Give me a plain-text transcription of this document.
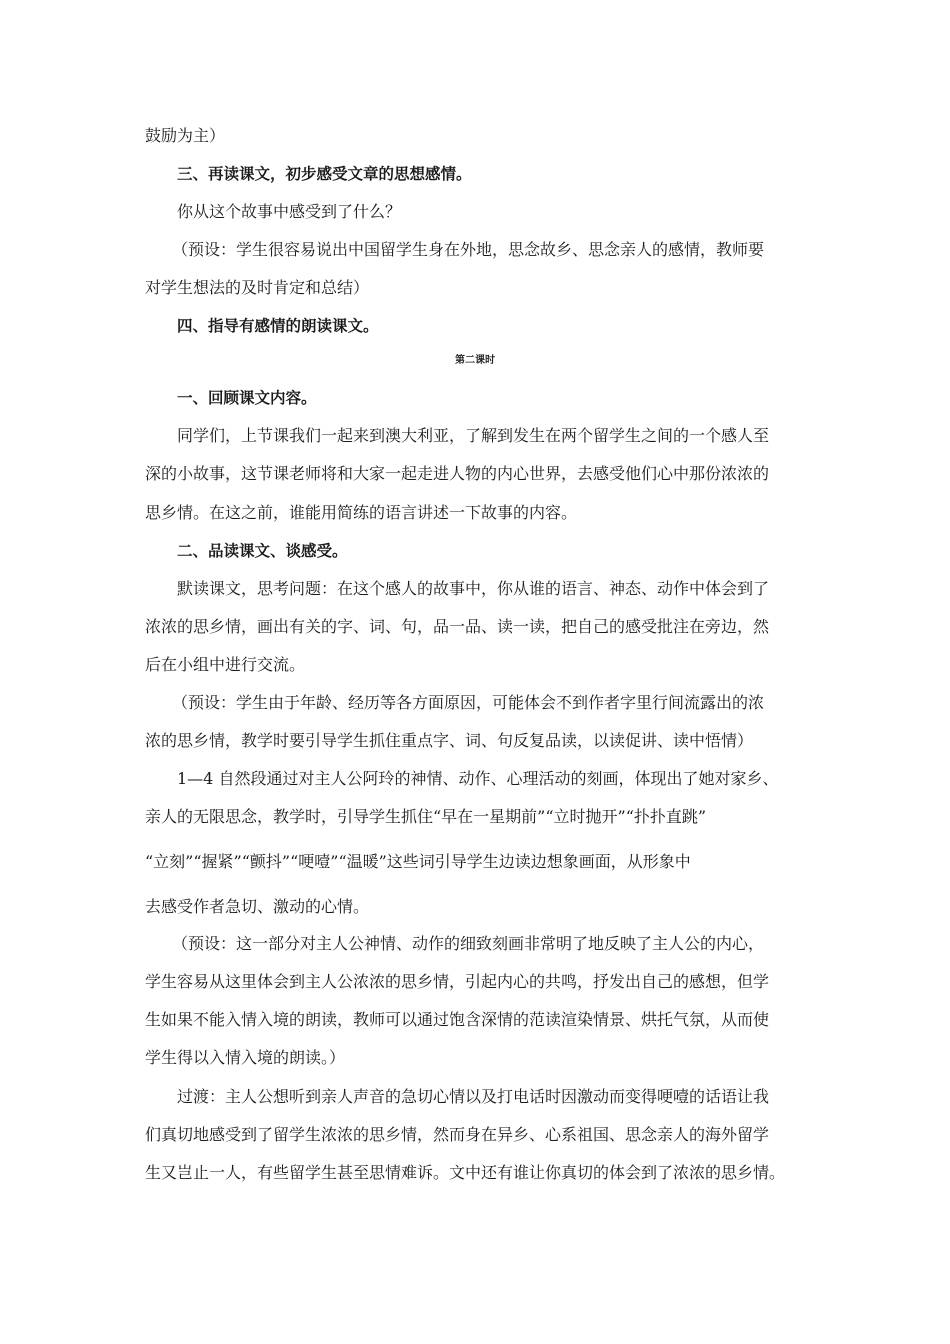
鼓励为主）
三、再读课文，初步感受文章的思想感情。
你从这个故事中感受到了什么？
（预设：学生很容易说出中国留学生身在外地，思念故乡、思念亲人的感情，教师要
对学生想法的及时肯定和总结）
四、指导有感情的朗读课文。
第二课时
一、回顾课文内容。
同学们，上节课我们一起来到澳大利亚，了解到发生在两个留学生之间的一个感人至
深的小故事，这节课老师将和大家一起走进人物的内心世界，去感受他们心中那份浓浓的
思乡情。在这之前，谁能用简练的语言讲述一下故事的内容。
二、品读课文、谈感受。
默读课文，思考问题：在这个感人的故事中，你从谁的语言、神态、动作中体会到了
浓浓的思乡情，画出有关的字、词、句，品一品、读一读，把自己的感受批注在旁边，然
后在小组中进行交流。
（预设：学生由于年龄、经历等各方面原因，可能体会不到作者字里行间流露出的浓
浓的思乡情，教学时要引导学生抓住重点字、词、句反复品读，以读促讲、读中悟情）
1—4 自然段通过对主人公阿玲的神情、动作、心理活动的刻画，体现出了她对家乡、
亲人的无限思念，教学时，引导学生抓住“早在一星期前”“立时抛开”“扑扑直跳”
“立刻”“握紧”“颤抖”“哽噎”“温暖”这些词引导学生边读边想象画面，从形象中
去感受作者急切、激动的心情。
（预设：这一部分对主人公神情、动作的细致刻画非常明了地反映了主人公的内心，
学生容易从这里体会到主人公浓浓的思乡情，引起内心的共鸣，抒发出自己的感想，但学
生如果不能入情入境的朗读，教师可以通过饱含深情的范读渲染情景、烘托气氛，从而使
学生得以入情入境的朗读。）
过渡：主人公想听到亲人声音的急切心情以及打电话时因激动而变得哽噎的话语让我
们真切地感受到了留学生浓浓的思乡情，然而身在异乡、心系祖国、思念亲人的海外留学
生又岂止一人，有些留学生甚至思情难诉。文中还有谁让你真切的体会到了浓浓的思乡情。
